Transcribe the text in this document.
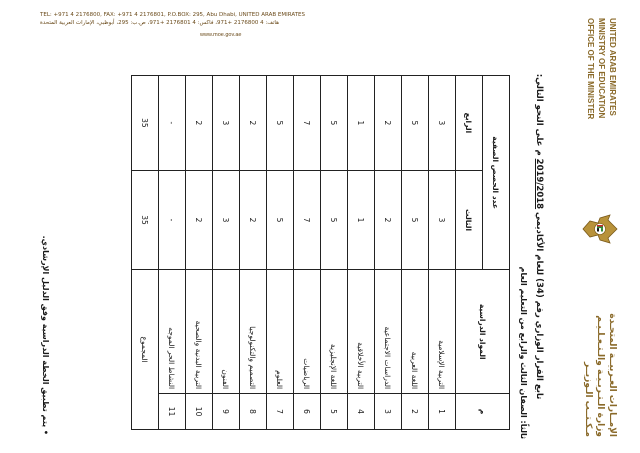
UNITED ARAB EMIRATES
MINISTRY OF EDUCATION
OFFICE OF THE MINISTER
الإمــارات العـربيــة المتحـدة
وزارة الـتـربـيـة والـتـعـلـيـم
مـكـتــب الـوزيــر
تابع القرار الوزاري رقم (34) للعام الأكاديمي 2019/2018 م على النحو التالي:
ثالثاً: الصفان الثالث والرابع من التعليم العام
م	المواد الدراسية	عدد الحصص الصفية	
		الثالث	الرابع
1	التربية الإسلامية	3	3
2	اللغة العربية	5	5
3	الدراسات الاجتماعية	2	2
4	التربية الأخلاقية	1	1
5	اللغة الإنجليزية	5	5
6	الرياضيات	7	7
7	العلوم	5	5
8	التصميم والتكنولوجيا	2	2
9	الفنون	3	3
10	التربية البدنية والصحية	2	2
11	النشاط الحر الموجه	-	-
المجموع		35	35
• يتم تطبيق الخطة الدراسية وفق الدليل الإرشادي.
TEL: +971 4 2176800, FAX: +971 4 2176801, P.O.BOX: 295, Abu Dhabi, UNITED ARAB EMIRATES
هاتف: 4 2176800 +971، فاكس: 4 2176801 +971، ص.ب: 295، أبوظبي، الإمارات العربية المتحدة
www.moe.gov.ae
